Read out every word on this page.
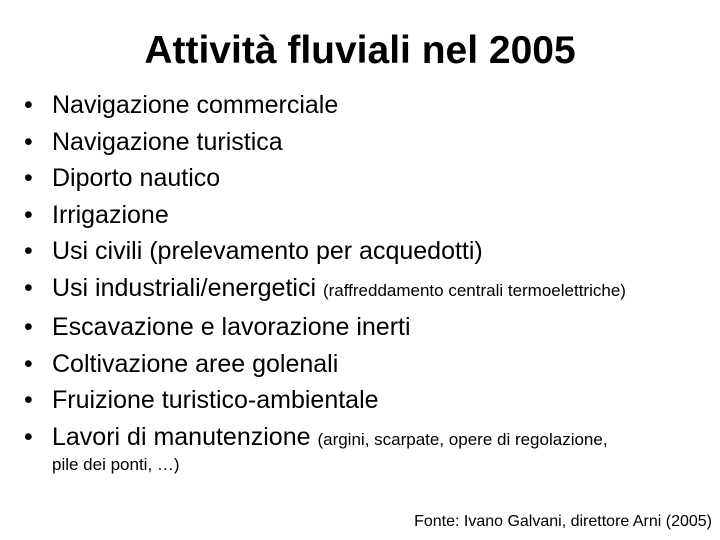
Attività fluviali nel 2005
• Navigazione commerciale
• Navigazione turistica
• Diporto nautico
• Irrigazione
• Usi civili (prelevamento per acquedotti)
• Usi industriali/energetici (raffreddamento centrali termoelettriche)
• Escavazione e lavorazione inerti
• Coltivazione aree golenali
• Fruizione turistico-ambientale
• Lavori di manutenzione (argini, scarpate, opere di regolazione,
pile dei ponti, …)
Fonte: Ivano Galvani, direttore Arni (2005)
